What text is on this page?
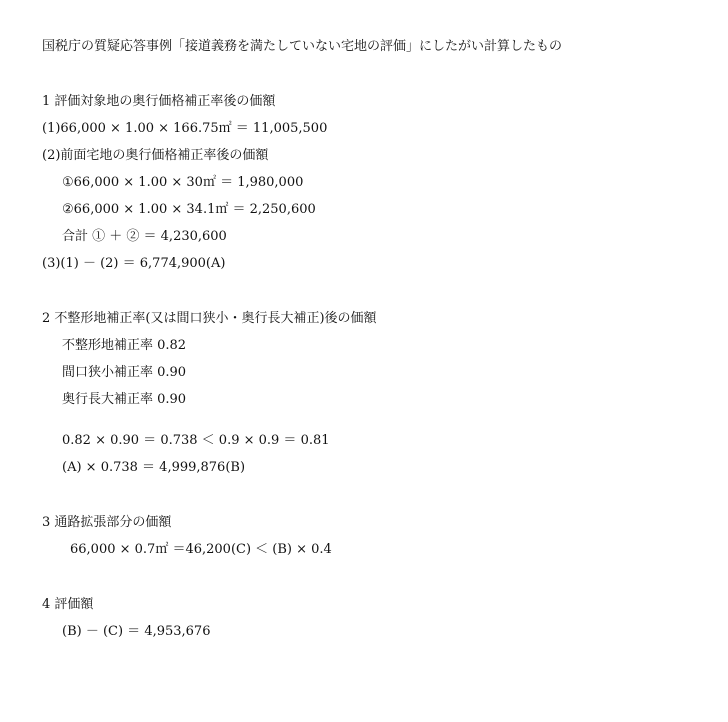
国税庁の質疑応答事例「接道義務を満たしていない宅地の評価」にしたがい計算したもの
1 評価対象地の奥行価格補正率後の価額
(1)66,000 × 1.00 × 166.75㎡ ＝ 11,005,500
(2)前面宅地の奥行価格補正率後の価額
①66,000 × 1.00 × 30㎡ ＝ 1,980,000
②66,000 × 1.00 × 34.1㎡ ＝ 2,250,600
合計 ① ＋ ② ＝ 4,230,600
(3)(1) － (2) ＝ 6,774,900(A)
2 不整形地補正率(又は間口狭小・奥行長大補正)後の価額
不整形地補正率 0.82
間口狭小補正率 0.90
奥行長大補正率 0.90
0.82 × 0.90 ＝ 0.738 ＜ 0.9 × 0.9 ＝ 0.81
(A) × 0.738 ＝ 4,999,876(B)
3 通路拡張部分の価額
66,000 × 0.7㎡ ＝46,200(C) ＜ (B) × 0.4
4 評価額
(B) － (C) ＝ 4,953,676
